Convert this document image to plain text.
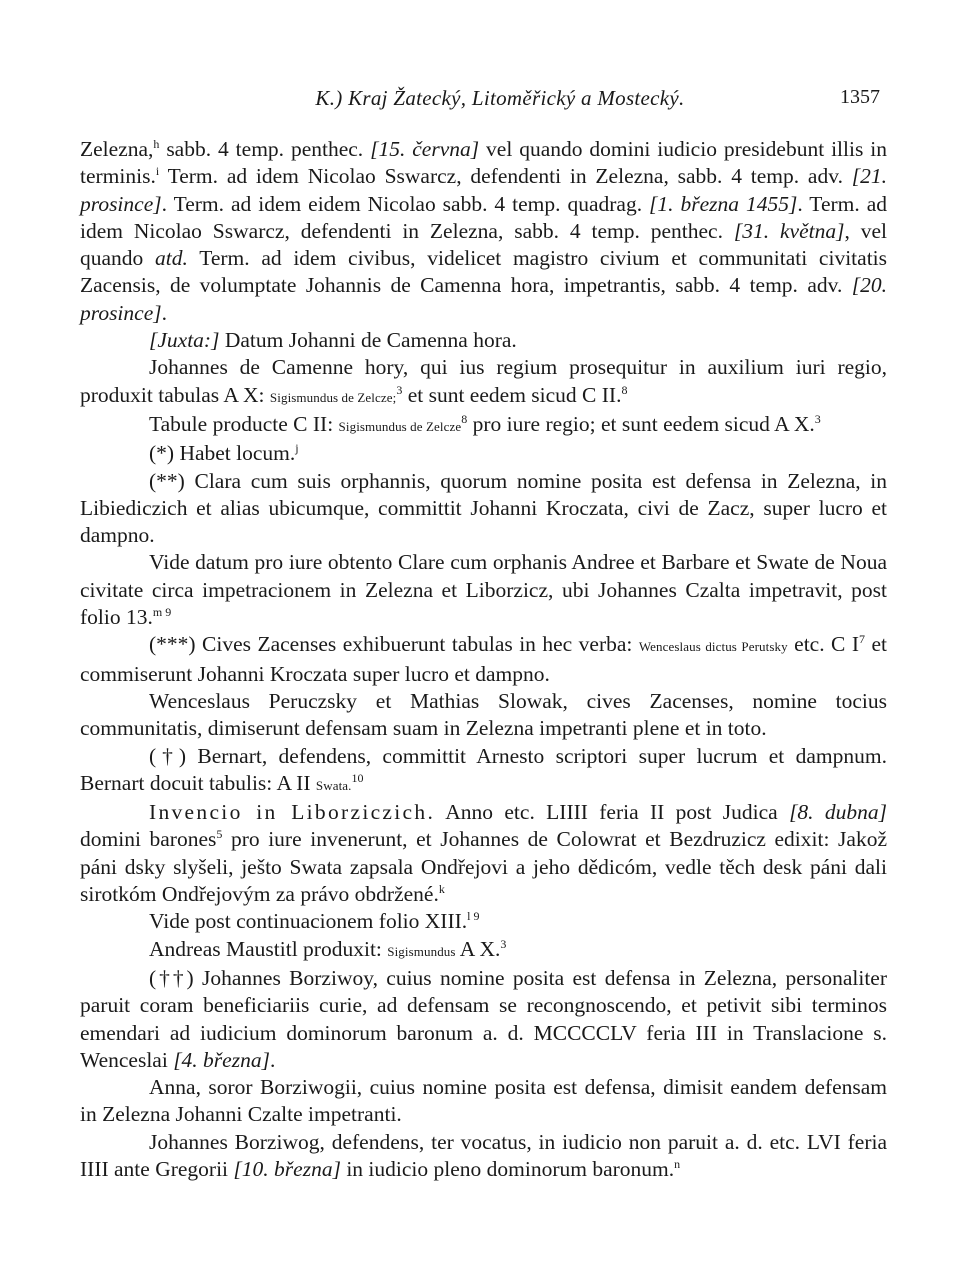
K.) Kraj Žatecký, Litoměřický a Mostecký.	1357

Zelezna,$^h$ sabb. 4 temp. penthec. [15. června] vel quando domini iudicio presidebunt illis in terminis.$^i$ Term. ad idem Nicolao Sswarcz, defendenti in Zelezna, sabb. 4 temp. adv. [21. prosince]. Term. ad idem eidem Nicolao sabb. 4 temp. quadrag. [1. března 1455]. Term. ad idem Nicolao Sswarcz, defendenti in Zelezna, sabb. 4 temp. penthec. [31. května], vel quando atd. Term. ad idem civibus, videlicet magistro civium et communitati civitatis Zacensis, de volumptate Johannis de Camenna hora, impetrantis, sabb. 4 temp. adv. [20. prosince].

[Juxta:] Datum Johanni de Camenna hora.

Johannes de Camenne hory, qui ius regium prosequitur in auxilium iuri regio, produxit tabulas A X: Sigismundus de Zelcze;$^3$ et sunt eedem sicud C II.$^8$

Tabule producte C II: Sigismundus de Zelcze$^8$ pro iure regio; et sunt eedem sicud A X.$^3$

(*) Habet locum.$^j$

(**) Clara cum suis orphannis, quorum nomine posita est defensa in Zelezna, in Libiediczich et alias ubicumque, committit Johanni Kroczata, civi de Zacz, super lucro et dampno.

Vide datum pro iure obtento Clare cum orphanis Andree et Barbare et Swate de Noua civitate circa impetracionem in Zelezna et Liborzicz, ubi Johannes Czalta impetravit, post folio 13.$^{m 9}$

(***) Cives Zacenses exhibuerunt tabulas in hec verba: Wenceslaus dictus Perutsky etc. C $I^7$ et commiserunt Johanni Kroczata super lucro et dampno.

Wenceslaus Peruczsky et Mathias Slowak, cives Zacenses, nomine tocius communitatis, dimiserunt defensam suam in Zelezna impetranti plene et in toto.

(†) Bernart, defendens, committit Arnesto scriptori super lucrum et dampnum. Bernart docuit tabulis: A II Swata.$^{10}$

Invencio in Liborziczich. Anno etc. LIIII feria II post Judica [8. dubna] domini barones$^5$ pro iure invenerunt, et Johannes de Colowrat et Bezdruzicz edixit: Jakož páni dsky slyšeli, ješto Swata zapsala Ondřejovi a jeho dědicóm, vedle těch desk páni dali sirotkóm Ondřejovým za právo obdržené.$^k$

Vide post continuacionem folio XIII.$^{l 9}$

Andreas Maustitl produxit: Sigismundus A X.$^3$

(††) Johannes Borziwoy, cuius nomine posita est defensa in Zelezna, personaliter paruit coram beneficiariis curie, ad defensam se recongnoscendo, et petivit sibi terminos emendari ad iudicium dominorum baronum a. d. MCCCCLV feria III in Translacione s. Wenceslai [4. března].

Anna, soror Borziwogii, cuius nomine posita est defensa, dimisit eandem defensam in Zelezna Johanni Czalte impetranti.

Johannes Borziwog, defendens, ter vocatus, in iudicio non paruit a. d. etc. LVI feria IIII ante Gregorii [10. března] in iudicio pleno dominorum baronum.$^n$
